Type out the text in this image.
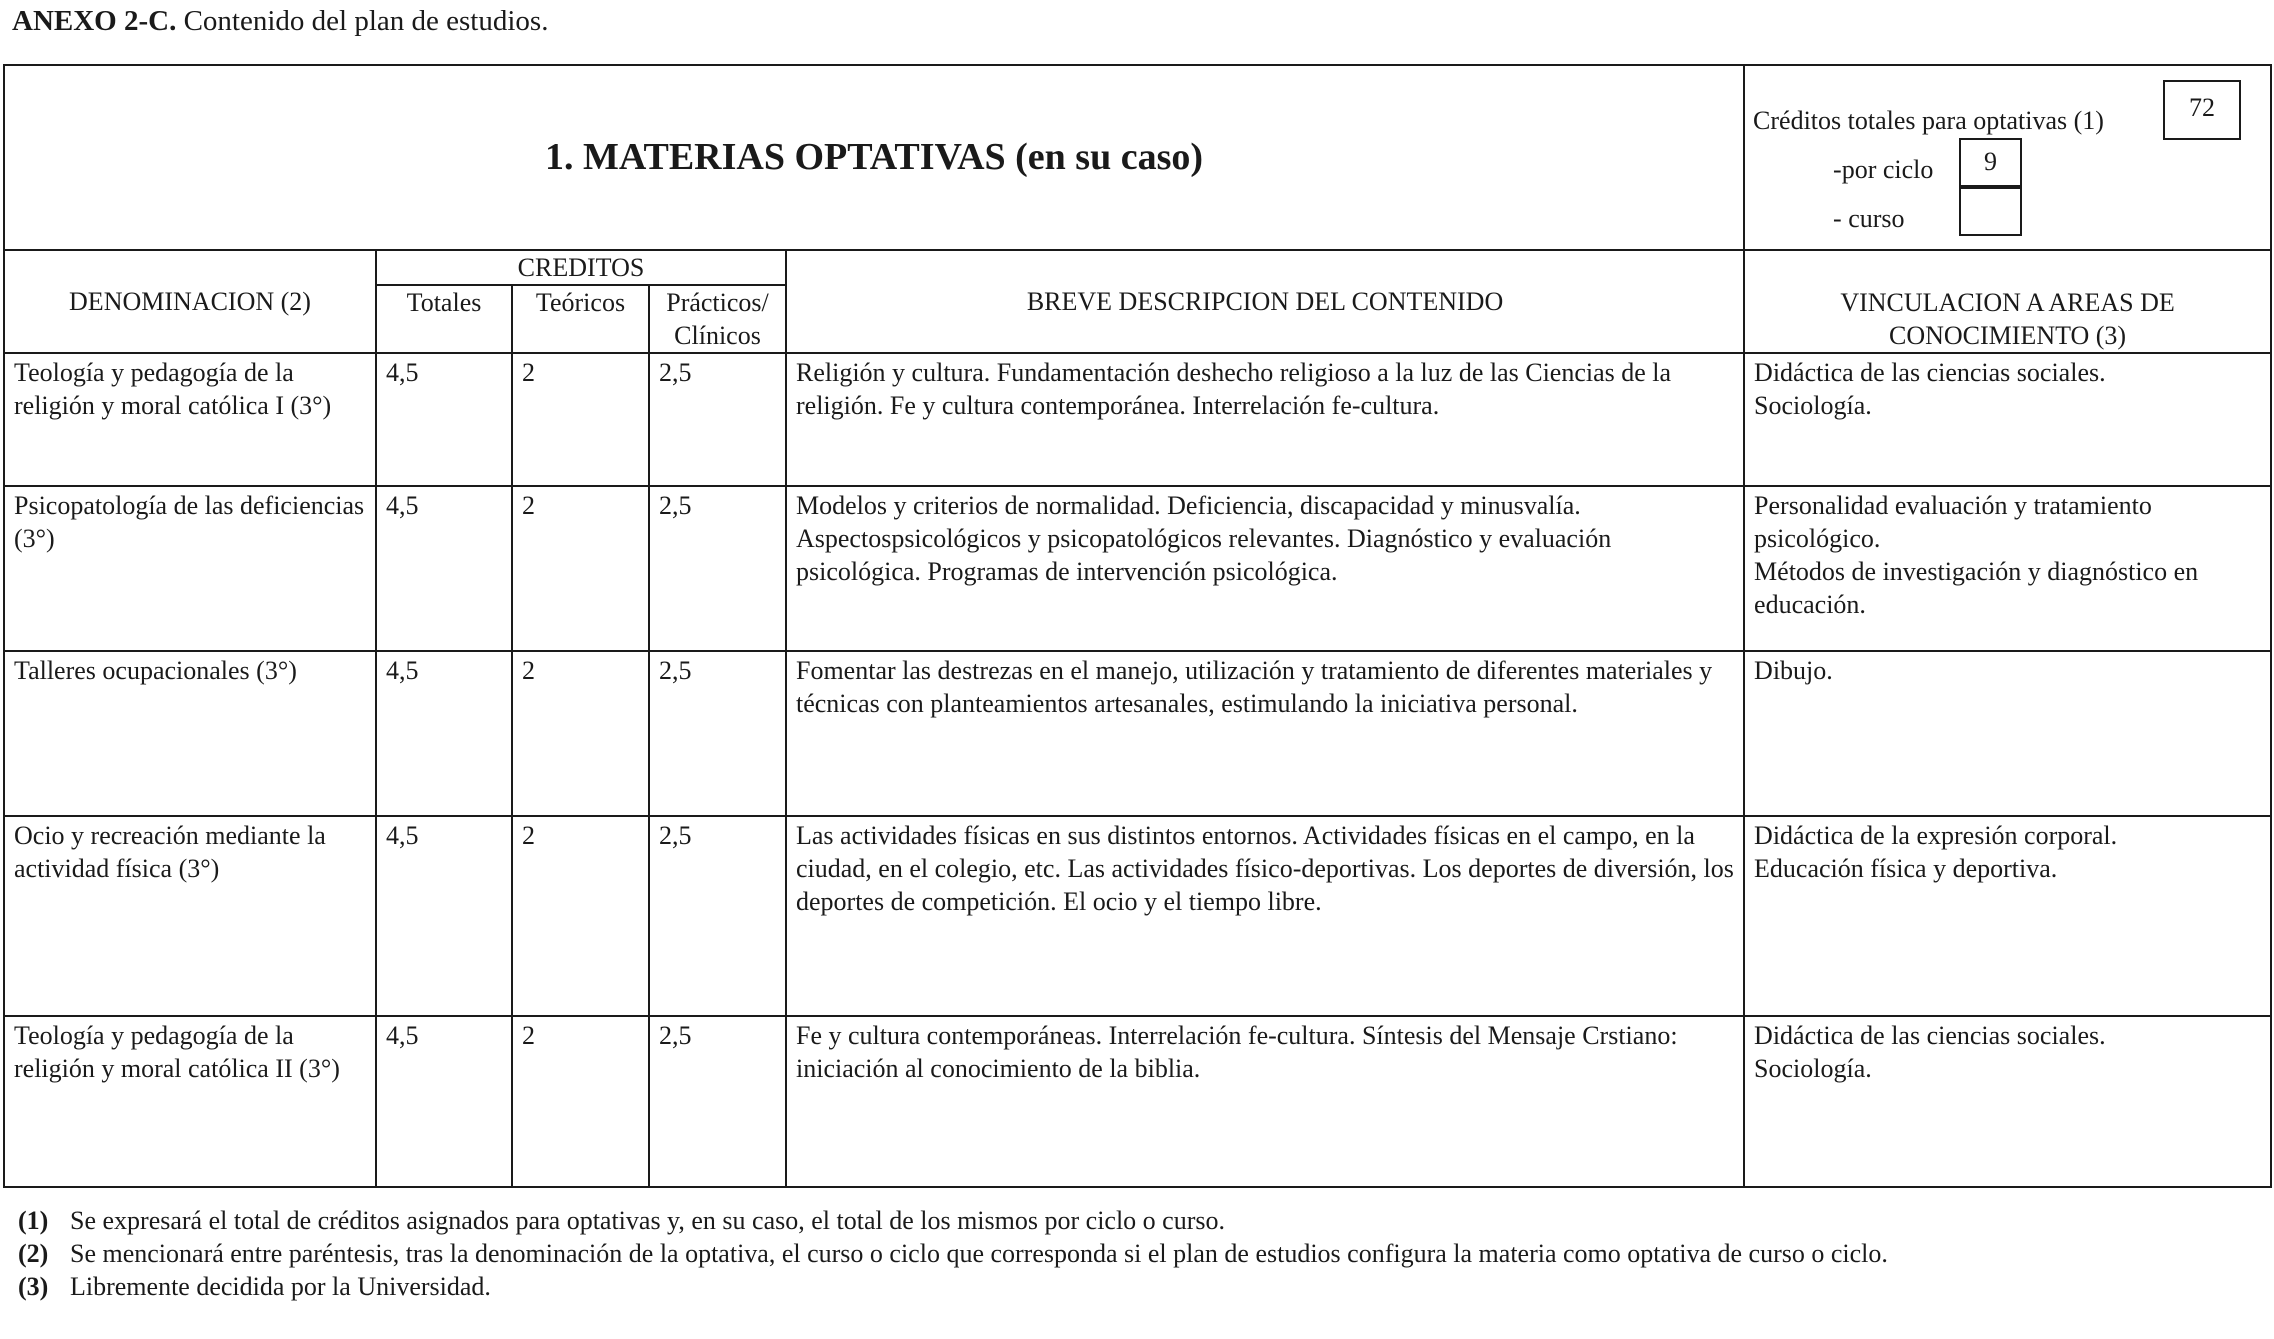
ANEXO 2-C. Contenido del plan de estudios.
1. MATERIAS OPTATIVAS (en su caso)					Créditos totales para optativas (1) 72
-por ciclo 9
- curso

DENOMINACION (2)	CREDITOS			BREVE DESCRIPCION DEL CONTENIDO	VINCULACION A AREAS DE
CONOCIMIENTO (3)

	Totales	Teóricos	Prácticos/
Clínicos		

Teología y pedagogía de la religión y moral católica I (3°)	4,5	2	2,5	Religión y cultura. Fundamentación deshecho religioso a la luz de las Ciencias de la religión. Fe y cultura contemporánea. Interrelación fe-cultura.	Didáctica de las ciencias sociales.
Sociología.
Psicopatología de las deficiencias (3°)	4,5	2	2,5	Modelos y criterios de normalidad. Deficiencia, discapacidad y minusvalía. Aspectospsicológicos y psicopatológicos relevantes. Diagnóstico y evaluación psicológica. Programas de intervención psicológica.	Personalidad evaluación y tratamiento psicológico.
Métodos de investigación y diagnóstico en educación.
Talleres ocupacionales (3°)	4,5	2	2,5	Fomentar las destrezas en el manejo, utilización y tratamiento de diferentes materiales y técnicas con planteamientos artesanales, estimulando la iniciativa personal.	Dibujo.
Ocio y recreación mediante la actividad física (3°)	4,5	2	2,5	Las actividades físicas en sus distintos entornos. Actividades físicas en el campo, en la ciudad, en el colegio, etc. Las actividades físico-deportivas. Los deportes de diversión, los deportes de competición. El ocio y el tiempo libre.	Didáctica de la expresión corporal.
Educación física y deportiva.
Teología y pedagogía de la religión y moral católica II (3°)	4,5	2	2,5	Fe y cultura contemporáneas. Interrelación fe-cultura. Síntesis del Mensaje Crstiano: iniciación al conocimiento de la biblia.	Didáctica de las ciencias sociales.
Sociología.
(1) Se expresará el total de créditos asignados para optativas y, en su caso, el total de los mismos por ciclo o curso.
(2) Se mencionará entre paréntesis, tras la denominación de la optativa, el curso o ciclo que corresponda si el plan de estudios configura la materia como optativa de curso o ciclo.
(3) Libremente decidida por la Universidad.
